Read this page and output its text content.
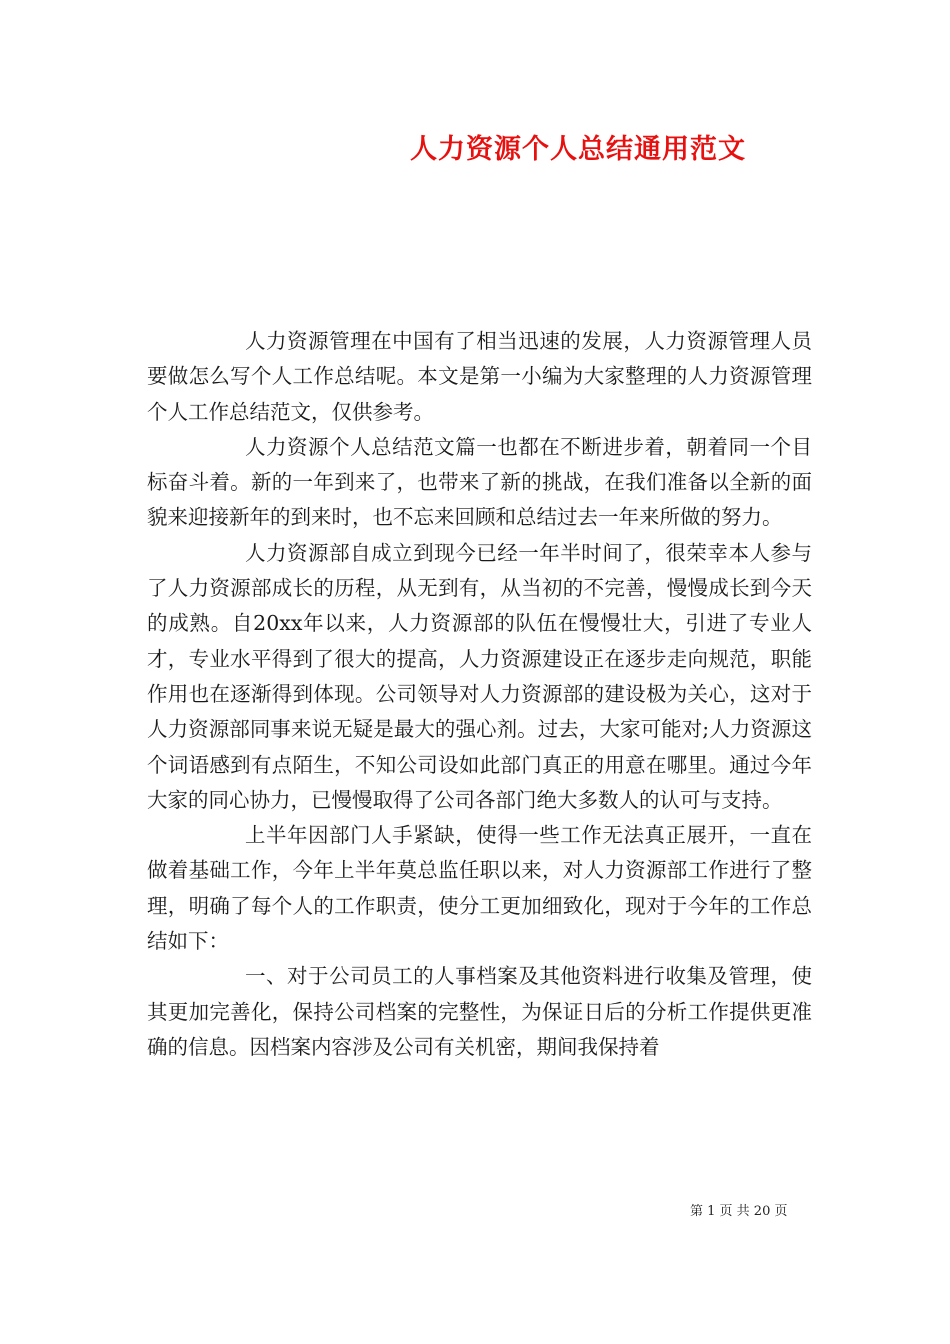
人力资源个人总结通用范文

人力资源管理在中国有了相当迅速的发展，人力资源管理人员要做怎么写个人工作总结呢。本文是第一小编为大家整理的人力资源管理个人工作总结范文，仅供参考。

人力资源个人总结范文篇一也都在不断进步着，朝着同一个目标奋斗着。新的一年到来了，也带来了新的挑战，在我们准备以全新的面貌来迎接新年的到来时，也不忘来回顾和总结过去一年来所做的努力。

人力资源部自成立到现今已经一年半时间了，很荣幸本人参与了人力资源部成长的历程，从无到有，从当初的不完善，慢慢成长到今天的成熟。自20xx年以来，人力资源部的队伍在慢慢壮大，引进了专业人才，专业水平得到了很大的提高，人力资源建设正在逐步走向规范，职能作用也在逐渐得到体现。公司领导对人力资源部的建设极为关心，这对于人力资源部同事来说无疑是最大的强心剂。过去，大家可能对;人力资源这个词语感到有点陌生，不知公司设如此部门真正的用意在哪里。通过今年大家的同心协力，已慢慢取得了公司各部门绝大多数人的认可与支持。

上半年因部门人手紧缺，使得一些工作无法真正展开，一直在做着基础工作，今年上半年莫总监任职以来，对人力资源部工作进行了整理，明确了每个人的工作职责，使分工更加细致化，现对于今年的工作总结如下：

一、对于公司员工的人事档案及其他资料进行收集及管理，使其更加完善化，保持公司档案的完整性，为保证日后的分析工作提供更准确的信息。因档案内容涉及公司有关机密，期间我保持着

第 1 页 共 20 页
